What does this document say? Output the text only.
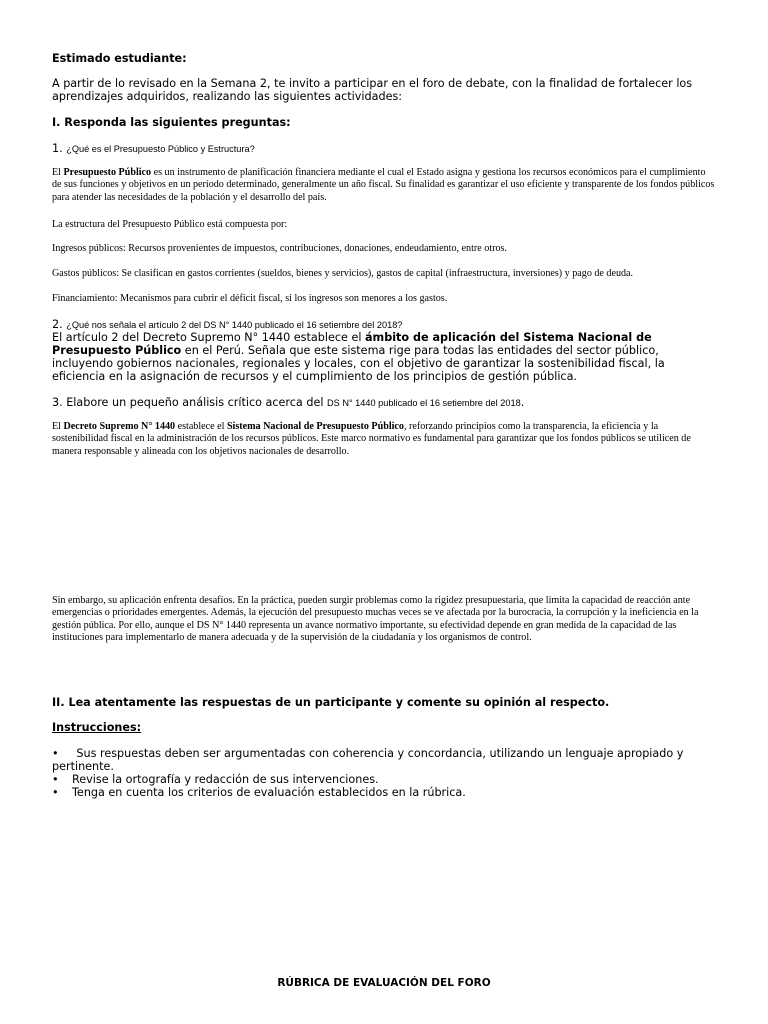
Estimado estudiante:
A partir de lo revisado en la Semana 2, te invito a participar en el foro de debate, con la finalidad de fortalecer los aprendizajes adquiridos, realizando las siguientes actividades:
I. Responda las siguientes preguntas:
1. ¿Qué es el Presupuesto Público y Estructura?
El Presupuesto Público es un instrumento de planificación financiera mediante el cual el Estado asigna y gestiona los recursos económicos para el cumplimiento de sus funciones y objetivos en un período determinado, generalmente un año fiscal. Su finalidad es garantizar el uso eficiente y transparente de los fondos públicos para atender las necesidades de la población y el desarrollo del país.
La estructura del Presupuesto Público está compuesta por:
Ingresos públicos: Recursos provenientes de impuestos, contribuciones, donaciones, endeudamiento, entre otros.
Gastos públicos: Se clasifican en gastos corrientes (sueldos, bienes y servicios), gastos de capital (infraestructura, inversiones) y pago de deuda.
Financiamiento: Mecanismos para cubrir el déficit fiscal, si los ingresos son menores a los gastos.
2. ¿Qué nos señala el artículo 2 del DS N° 1440 publicado el 16 setiembre del 2018?
El artículo 2 del Decreto Supremo N° 1440 establece el ámbito de aplicación del Sistema Nacional de Presupuesto Público en el Perú. Señala que este sistema rige para todas las entidades del sector público, incluyendo gobiernos nacionales, regionales y locales, con el objetivo de garantizar la sostenibilidad fiscal, la eficiencia en la asignación de recursos y el cumplimiento de los principios de gestión pública.
3. Elabore un pequeño análisis crítico acerca del DS N° 1440 publicado el 16 setiembre del 2018.
El Decreto Supremo N° 1440 establece el Sistema Nacional de Presupuesto Público, reforzando principios como la transparencia, la eficiencia y la sostenibilidad fiscal en la administración de los recursos públicos. Este marco normativo es fundamental para garantizar que los fondos públicos se utilicen de manera responsable y alineada con los objetivos nacionales de desarrollo.
Sin embargo, su aplicación enfrenta desafíos. En la práctica, pueden surgir problemas como la rigidez presupuestaria, que limita la capacidad de reacción ante emergencias o prioridades emergentes. Además, la ejecución del presupuesto muchas veces se ve afectada por la burocracia, la corrupción y la ineficiencia en la gestión pública. Por ello, aunque el DS N° 1440 representa un avance normativo importante, su efectividad depende en gran medida de la capacidad de las instituciones para implementarlo de manera adecuada y de la supervisión de la ciudadanía y los organismos de control.
II. Lea atentamente las respuestas de un participante y comente su opinión al respecto.
Instrucciones:
• Sus respuestas deben ser argumentadas con coherencia y concordancia, utilizando un lenguaje apropiado y pertinente.
•	Revise la ortografía y redacción de sus intervenciones.
•	Tenga en cuenta los criterios de evaluación establecidos en la rúbrica.
RÚBRICA DE EVALUACIÓN DEL FORO
